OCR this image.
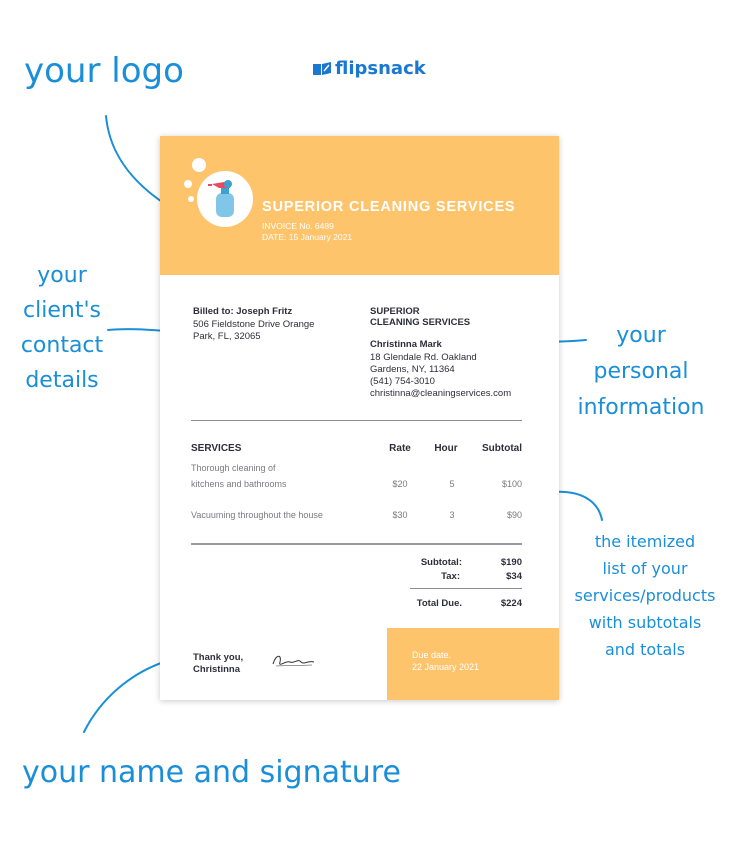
your logo
your
client's
contact
details
your
personal
information
the itemized
list of your
services/products
with subtotals
and totals
your name and signature
flipsnack
SUPERIOR CLEANING SERVICES
INVOICE No. 6489
DATE: 15 January 2021
Billed to: Joseph Fritz
506 Fieldstone Drive Orange
Park, FL, 32065
SUPERIOR
CLEANING SERVICES
Christinna Mark
18 Glendale Rd. Oakland
Gardens, NY, 11364
(541) 754-3010
christinna@cleaningservices.com
SERVICES	Rate	Hour	Subtotal
Thorough cleaning of
kitchens and bathrooms	$20	5	$100
Vacuuming throughout the house	$30	3	$90
Subtotal:	$190
Tax:	$34
Total Due.	$224
Thank you,
Christinna
Due date.
22 January 2021
